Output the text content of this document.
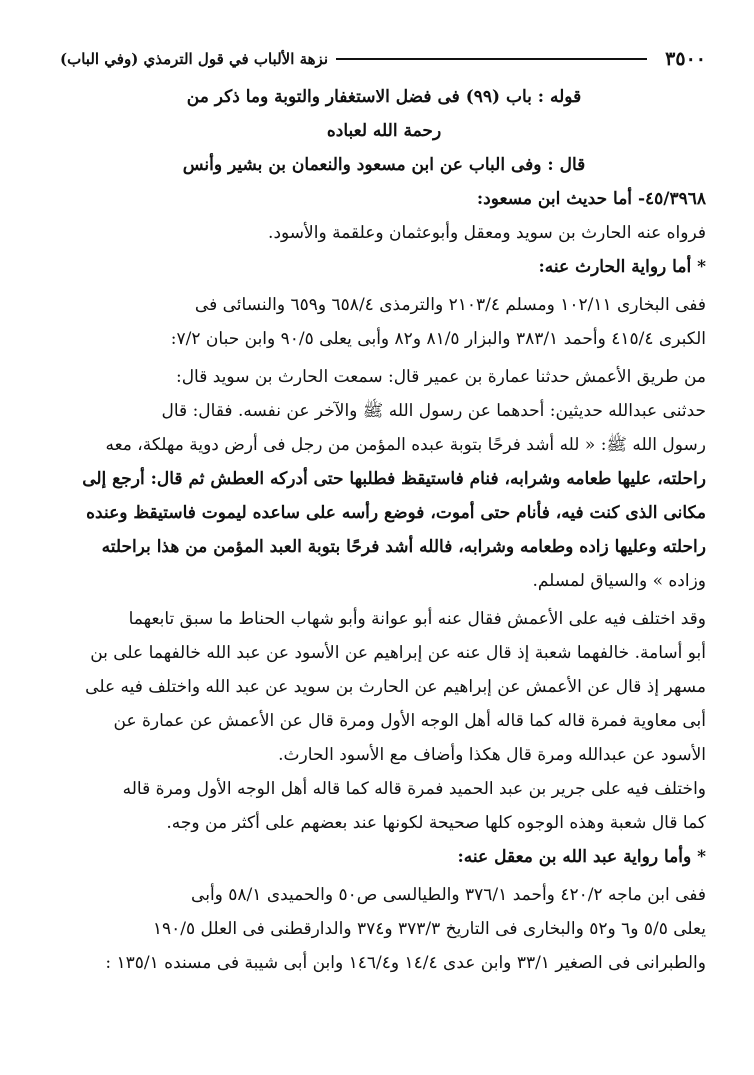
٣٥٠٠
نزهة الألباب في قول الترمذي (وفي الباب)
قوله : باب (٩٩) فى فضل الاستغفار والتوبة وما ذكر من
رحمة الله لعباده
قال : وفى الباب عن ابن مسعود والنعمان بن بشير وأنس
٤٥/٣٩٦٨- أما حديث ابن مسعود:
فرواه عنه الحارث بن سويد ومعقل وأبوعثمان وعلقمة والأسود.
* أما رواية الحارث عنه:
ففى البخارى ١٠٢/١١ ومسلم ٢١٠٣/٤ والترمذى ٦٥٨/٤ و٦٥٩ والنسائى فى
الكبرى ٤١٥/٤ وأحمد ٣٨٣/١ والبزار ٨١/٥ و٨٢ وأبى يعلى ٩٠/٥ وابن حبان ٧/٢:
من طريق الأعمش حدثنا عمارة بن عمير قال: سمعت الحارث بن سويد قال:
حدثنى عبدالله حديثين: أحدهما عن رسول الله ﷺ والآخر عن نفسه. فقال: قال
رسول الله ﷺ: « لله أشد فرحًا بتوبة عبده المؤمن من رجل فى أرض دوية مهلكة، معه
راحلته، عليها طعامه وشرابه، فنام فاستيقظ فطلبها حتى أدركه العطش ثم قال: أرجع إلى
مكانى الذى كنت فيه، فأنام حتى أموت، فوضع رأسه على ساعده ليموت فاستيقظ وعنده
راحلته وعليها زاده وطعامه وشرابه، فالله أشد فرحًا بتوبة العبد المؤمن من هذا براحلته
وزاده » والسياق لمسلم.
وقد اختلف فيه على الأعمش فقال عنه أبو عوانة وأبو شهاب الحناط ما سبق تابعهما
أبو أسامة. خالفهما شعبة إذ قال عنه عن إبراهيم عن الأسود عن عبد الله خالفهما على بن
مسهر إذ قال عن الأعمش عن إبراهيم عن الحارث بن سويد عن عبد الله واختلف فيه على
أبى معاوية فمرة قاله كما قاله أهل الوجه الأول ومرة قال عن الأعمش عن عمارة عن
الأسود عن عبدالله ومرة قال هكذا وأضاف مع الأسود الحارث.
واختلف فيه على جرير بن عبد الحميد فمرة قاله كما قاله أهل الوجه الأول ومرة قاله
كما قال شعبة وهذه الوجوه كلها صحيحة لكونها عند بعضهم على أكثر من وجه.
* وأما رواية عبد الله بن معقل عنه:
ففى ابن ماجه ٤٢٠/٢ وأحمد ٣٧٦/١ والطيالسى ص٥٠ والحميدى ٥٨/١ وأبى
يعلى ٥/٥ و٦ و٥٢ والبخارى فى التاريخ ٣٧٣/٣ و٣٧٤ والدارقطنى فى العلل ١٩٠/٥
والطبرانى فى الصغير ٣٣/١ وابن عدى ١٤/٤ و١٤٦/٤ وابن أبى شيبة فى مسنده ١٣٥/١ :
